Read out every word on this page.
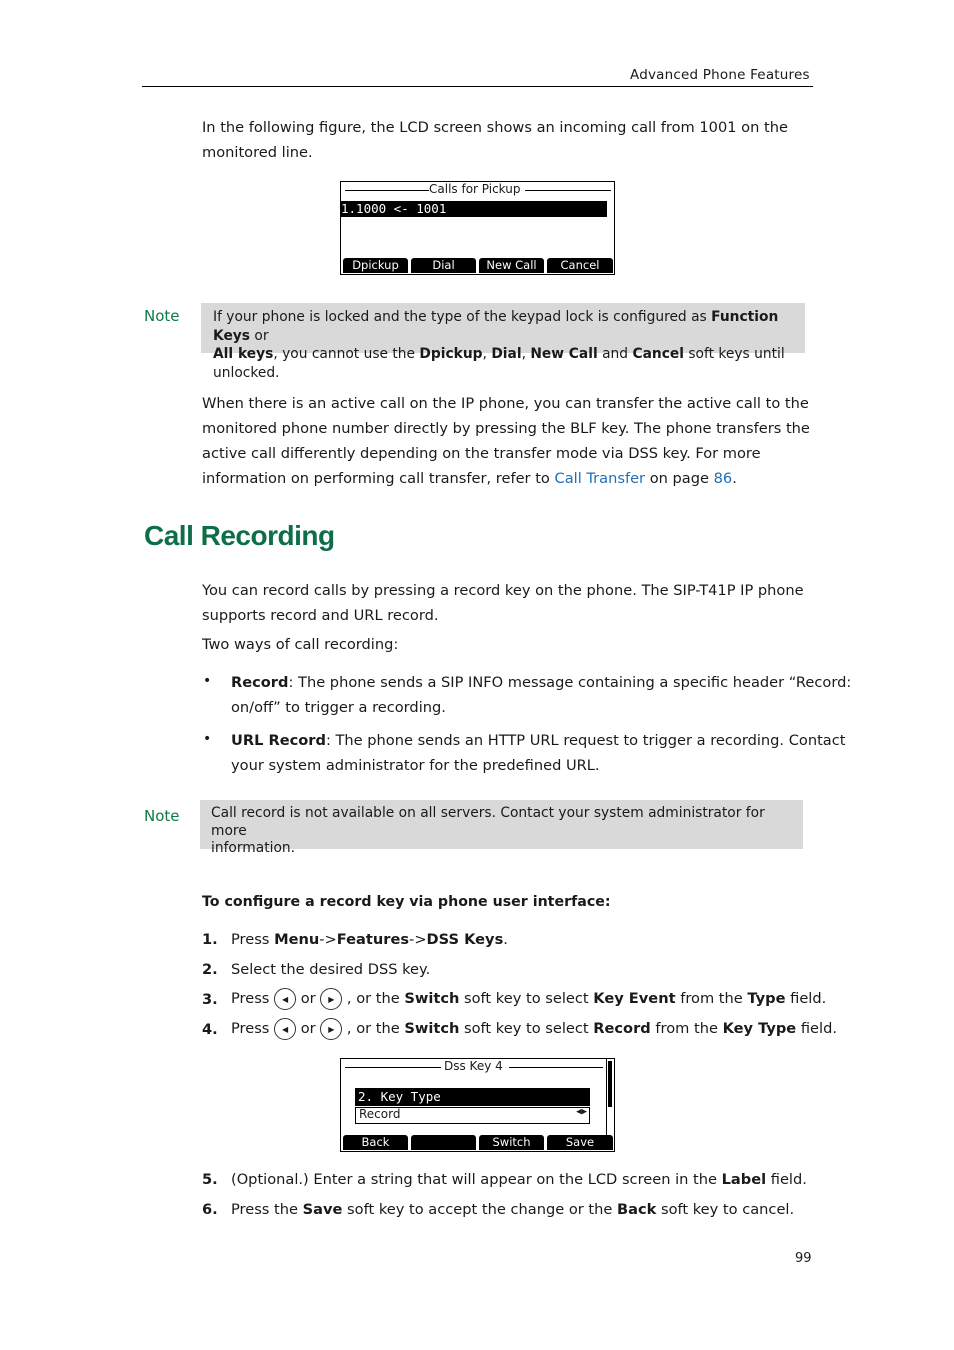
Advanced Phone Features
In the following figure, the LCD screen shows an incoming call from 1001 on the
monitored line.
Calls for Pickup
1.1000 <- 1001
Dpickup	Dial	New Call	Cancel
Note If your phone is locked and the type of the keypad lock is configured as Function Keys or
All keys, you cannot use the Dpickup, Dial, New Call and Cancel soft keys until unlocked.
When there is an active call on the IP phone, you can transfer the active call to the
monitored phone number directly by pressing the BLF key. The phone transfers the
active call differently depending on the transfer mode via DSS key. For more
information on performing call transfer, refer to Call Transfer on page 86.
Call Recording
You can record calls by pressing a record key on the phone. The SIP-T41P IP phone
supports record and URL record.
Two ways of call recording:
• Record: The phone sends a SIP INFO message containing a specific header “Record:
on/off” to trigger a recording.
• URL Record: The phone sends an HTTP URL request to trigger a recording. Contact
your system administrator for the predefined URL.
Note Call record is not available on all servers. Contact your system administrator for more
information.
To configure a record key via phone user interface:
1. Press Menu->Features->DSS Keys.
2. Select the desired DSS key.
3. Press ◀ or ▶ , or the Switch soft key to select Key Event from the Type field.
4. Press ◀ or ▶ , or the Switch soft key to select Record from the Key Type field.
Dss Key 4
2. Key Type
Record	◀▶
Back	Switch	Save
5. (Optional.) Enter a string that will appear on the LCD screen in the Label field.
6. Press the Save soft key to accept the change or the Back soft key to cancel.
99
